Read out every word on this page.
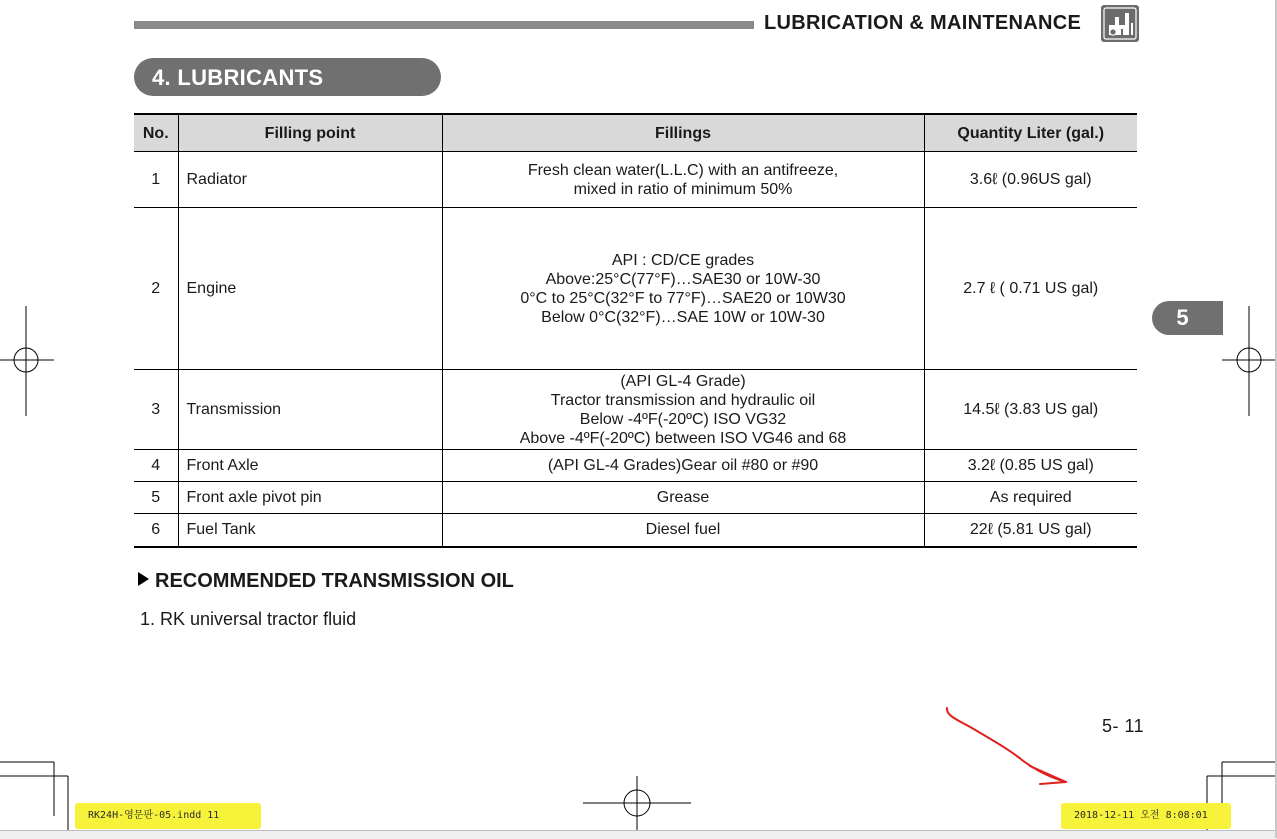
LUBRICATION & MAINTENANCE
4. LUBRICANTS
No.	Filling point	Fillings	Quantity Liter (gal.)
1	Radiator	Fresh clean water(L.L.C) with an antifreeze,
mixed in ratio of minimum 50%	3.6ℓ (0.96US gal)
2	Engine	API : CD/CE grades
Above:25°C(77°F)…SAE30 or 10W-30
0°C to 25°C(32°F to 77°F)…SAE20 or 10W30
Below 0°C(32°F)…SAE 10W or 10W-30	2.7 ℓ ( 0.71 US gal)
3	Transmission	(API GL-4 Grade)
Tractor transmission and hydraulic oil
Below -4ºF(-20ºC) ISO VG32
Above -4ºF(-20ºC) between ISO VG46 and 68	14.5ℓ (3.83 US gal)
4	Front Axle	(API GL-4 Grades)Gear oil #80 or #90	3.2ℓ (0.85 US gal)
5	Front axle pivot pin	Grease	As required
6	Fuel Tank	Diesel fuel	22ℓ (5.81 US gal)
RECOMMENDED TRANSMISSION OIL
1. RK universal tractor fluid
5- 11
5
RK24H-영문판-05.indd 11	2018-12-11 오전 8:08:01
